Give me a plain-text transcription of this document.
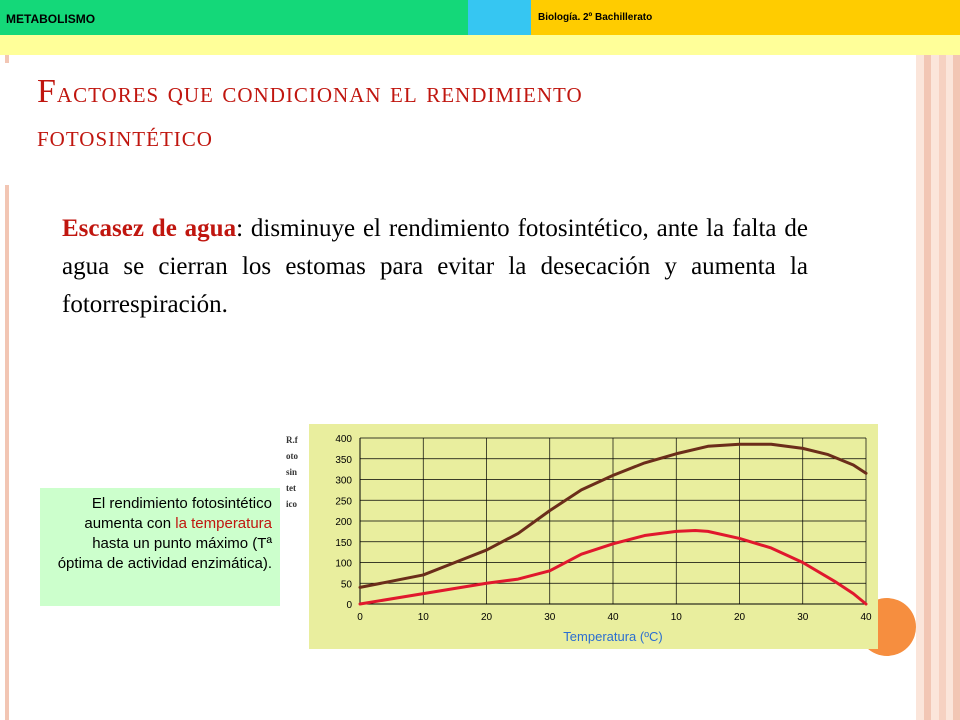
METABOLISMO	Biología. 2º Bachillerato
Factores que condicionan el rendimiento
fotosintético
Escasez de agua: disminuye el rendimiento fotosintético, ante la falta de agua se cierran los estomas para evitar la desecación y aumenta la fotorrespiración.
El rendimiento fotosintético aumenta con la temperatura hasta un punto máximo (Tª óptima de actividad enzimática).
0
50
100
150
200
250
300
350
400
0	10	20	30	40	10	20	30	40
Temperatura (ºC)
R.f
oto
sin
tet
ico
